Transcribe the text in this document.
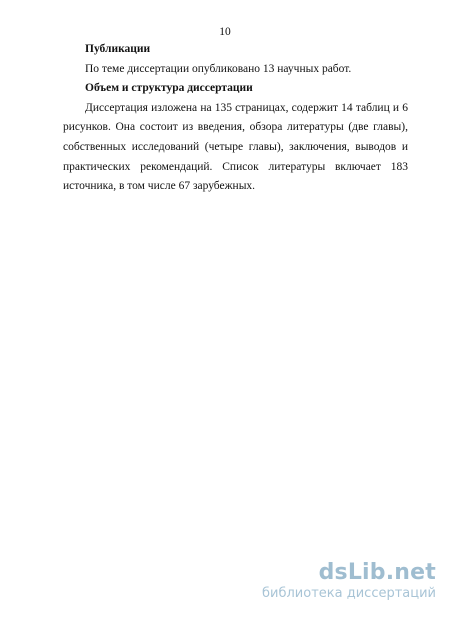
10

Публикации

По теме диссертации опубликовано 13 научных работ.

Объем и структура диссертации

Диссертация изложена на 135 страницах, содержит 14 таблиц и 6 рисунков. Она состоит из введения, обзора литературы (две главы), собственных исследований (четыре главы), заключения, выводов и практических рекомендаций. Список литературы включает 183 источника, в том числе 67 зарубежных.

dsLib.net
библиотека диссертаций
